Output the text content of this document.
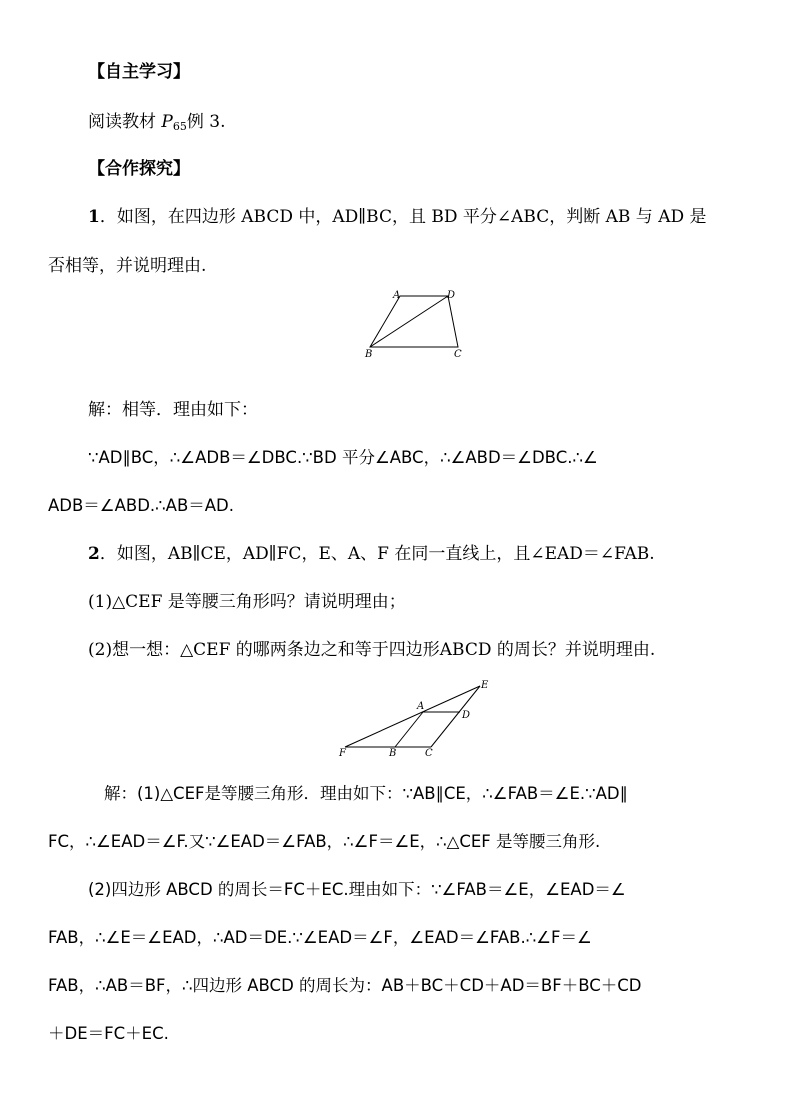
【自主学习】
阅读教材 $P_{65}$例 3.
【合作探究】
1．如图，在四边形 ABCD 中，AD∥BC，且 BD 平分∠ABC，判断 AB 与 AD 是
否相等，并说明理由.
A	D
B	C
解：相等．理由如下：
∵AD∥BC，∴∠ADB＝∠DBC.∵BD 平分∠ABC，∴∠ABD＝∠DBC.∴∠
ADB＝∠ABD.∴AB＝AD.
2．如图，AB∥CE，AD∥FC，E、A、F 在同一直线上，且∠EAD＝∠FAB.
(1)△CEF 是等腰三角形吗？请说明理由；
(2)想一想：△CEF 的哪两条边之和等于四边形ABCD 的周长？并说明理由.
E
A
D
F	B	C
解：(1)△CEF是等腰三角形．理由如下：∵AB∥CE，∴∠FAB＝∠E.∵AD∥
FC，∴∠EAD＝∠F.又∵∠EAD＝∠FAB，∴∠F＝∠E，∴△CEF 是等腰三角形.
(2)四边形 ABCD 的周长＝FC＋EC.理由如下：∵∠FAB＝∠E，∠EAD＝∠
FAB，∴∠E＝∠EAD，∴AD＝DE.∵∠EAD＝∠F，∠EAD＝∠FAB.∴∠F＝∠
FAB，∴AB＝BF，∴四边形 ABCD 的周长为：AB＋BC＋CD＋AD＝BF＋BC＋CD
＋DE＝FC＋EC.
